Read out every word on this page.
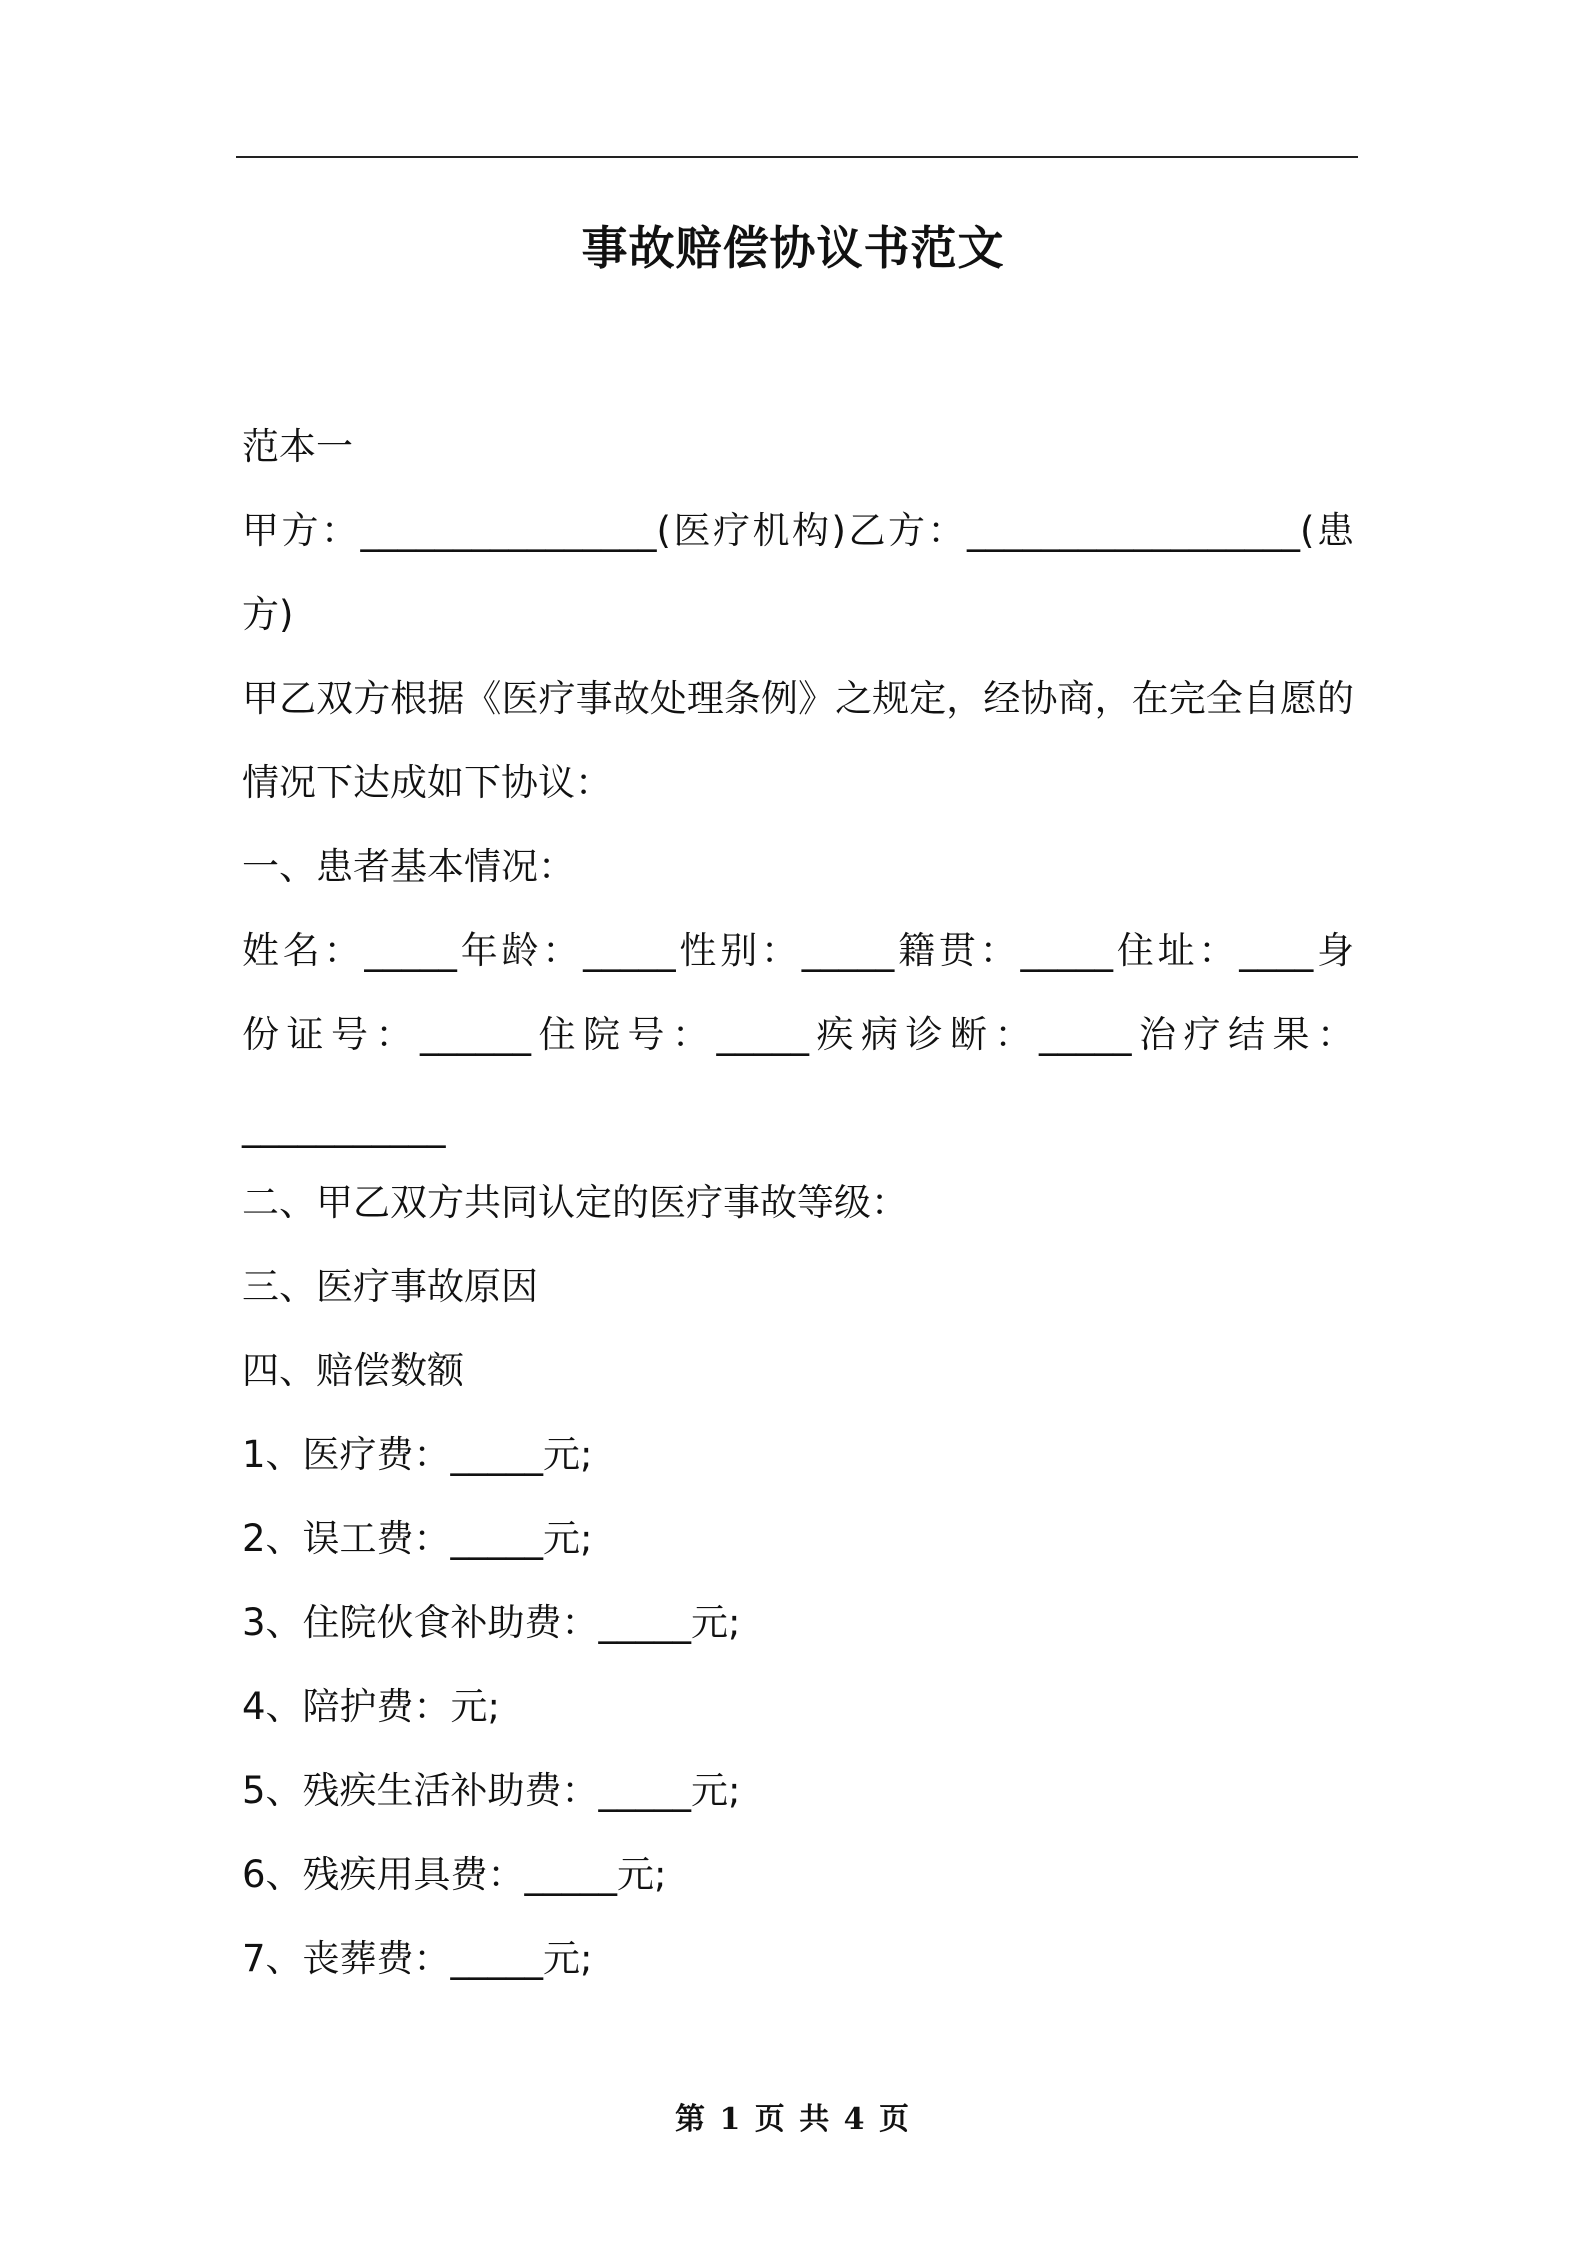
事故赔偿协议书范文
范本一
甲方：________________(医疗机构)乙方：__________________(患
方)
甲乙双方根据《医疗事故处理条例》之规定，经协商，在完全自愿的
情况下达成如下协议：
一、患者基本情况：
姓名：_____年龄：_____性别：_____籍贯：_____住址：____身
份证号：______住院号：_____疾病诊断：_____治疗结果：
___________
二、甲乙双方共同认定的医疗事故等级：
三、医疗事故原因
四、赔偿数额
1、医疗费：_____元;
2、误工费：_____元;
3、住院伙食补助费：_____元;
4、陪护费：元;
5、残疾生活补助费：_____元;
6、残疾用具费：_____元;
7、丧葬费：_____元;
第 1 页 共 4 页
